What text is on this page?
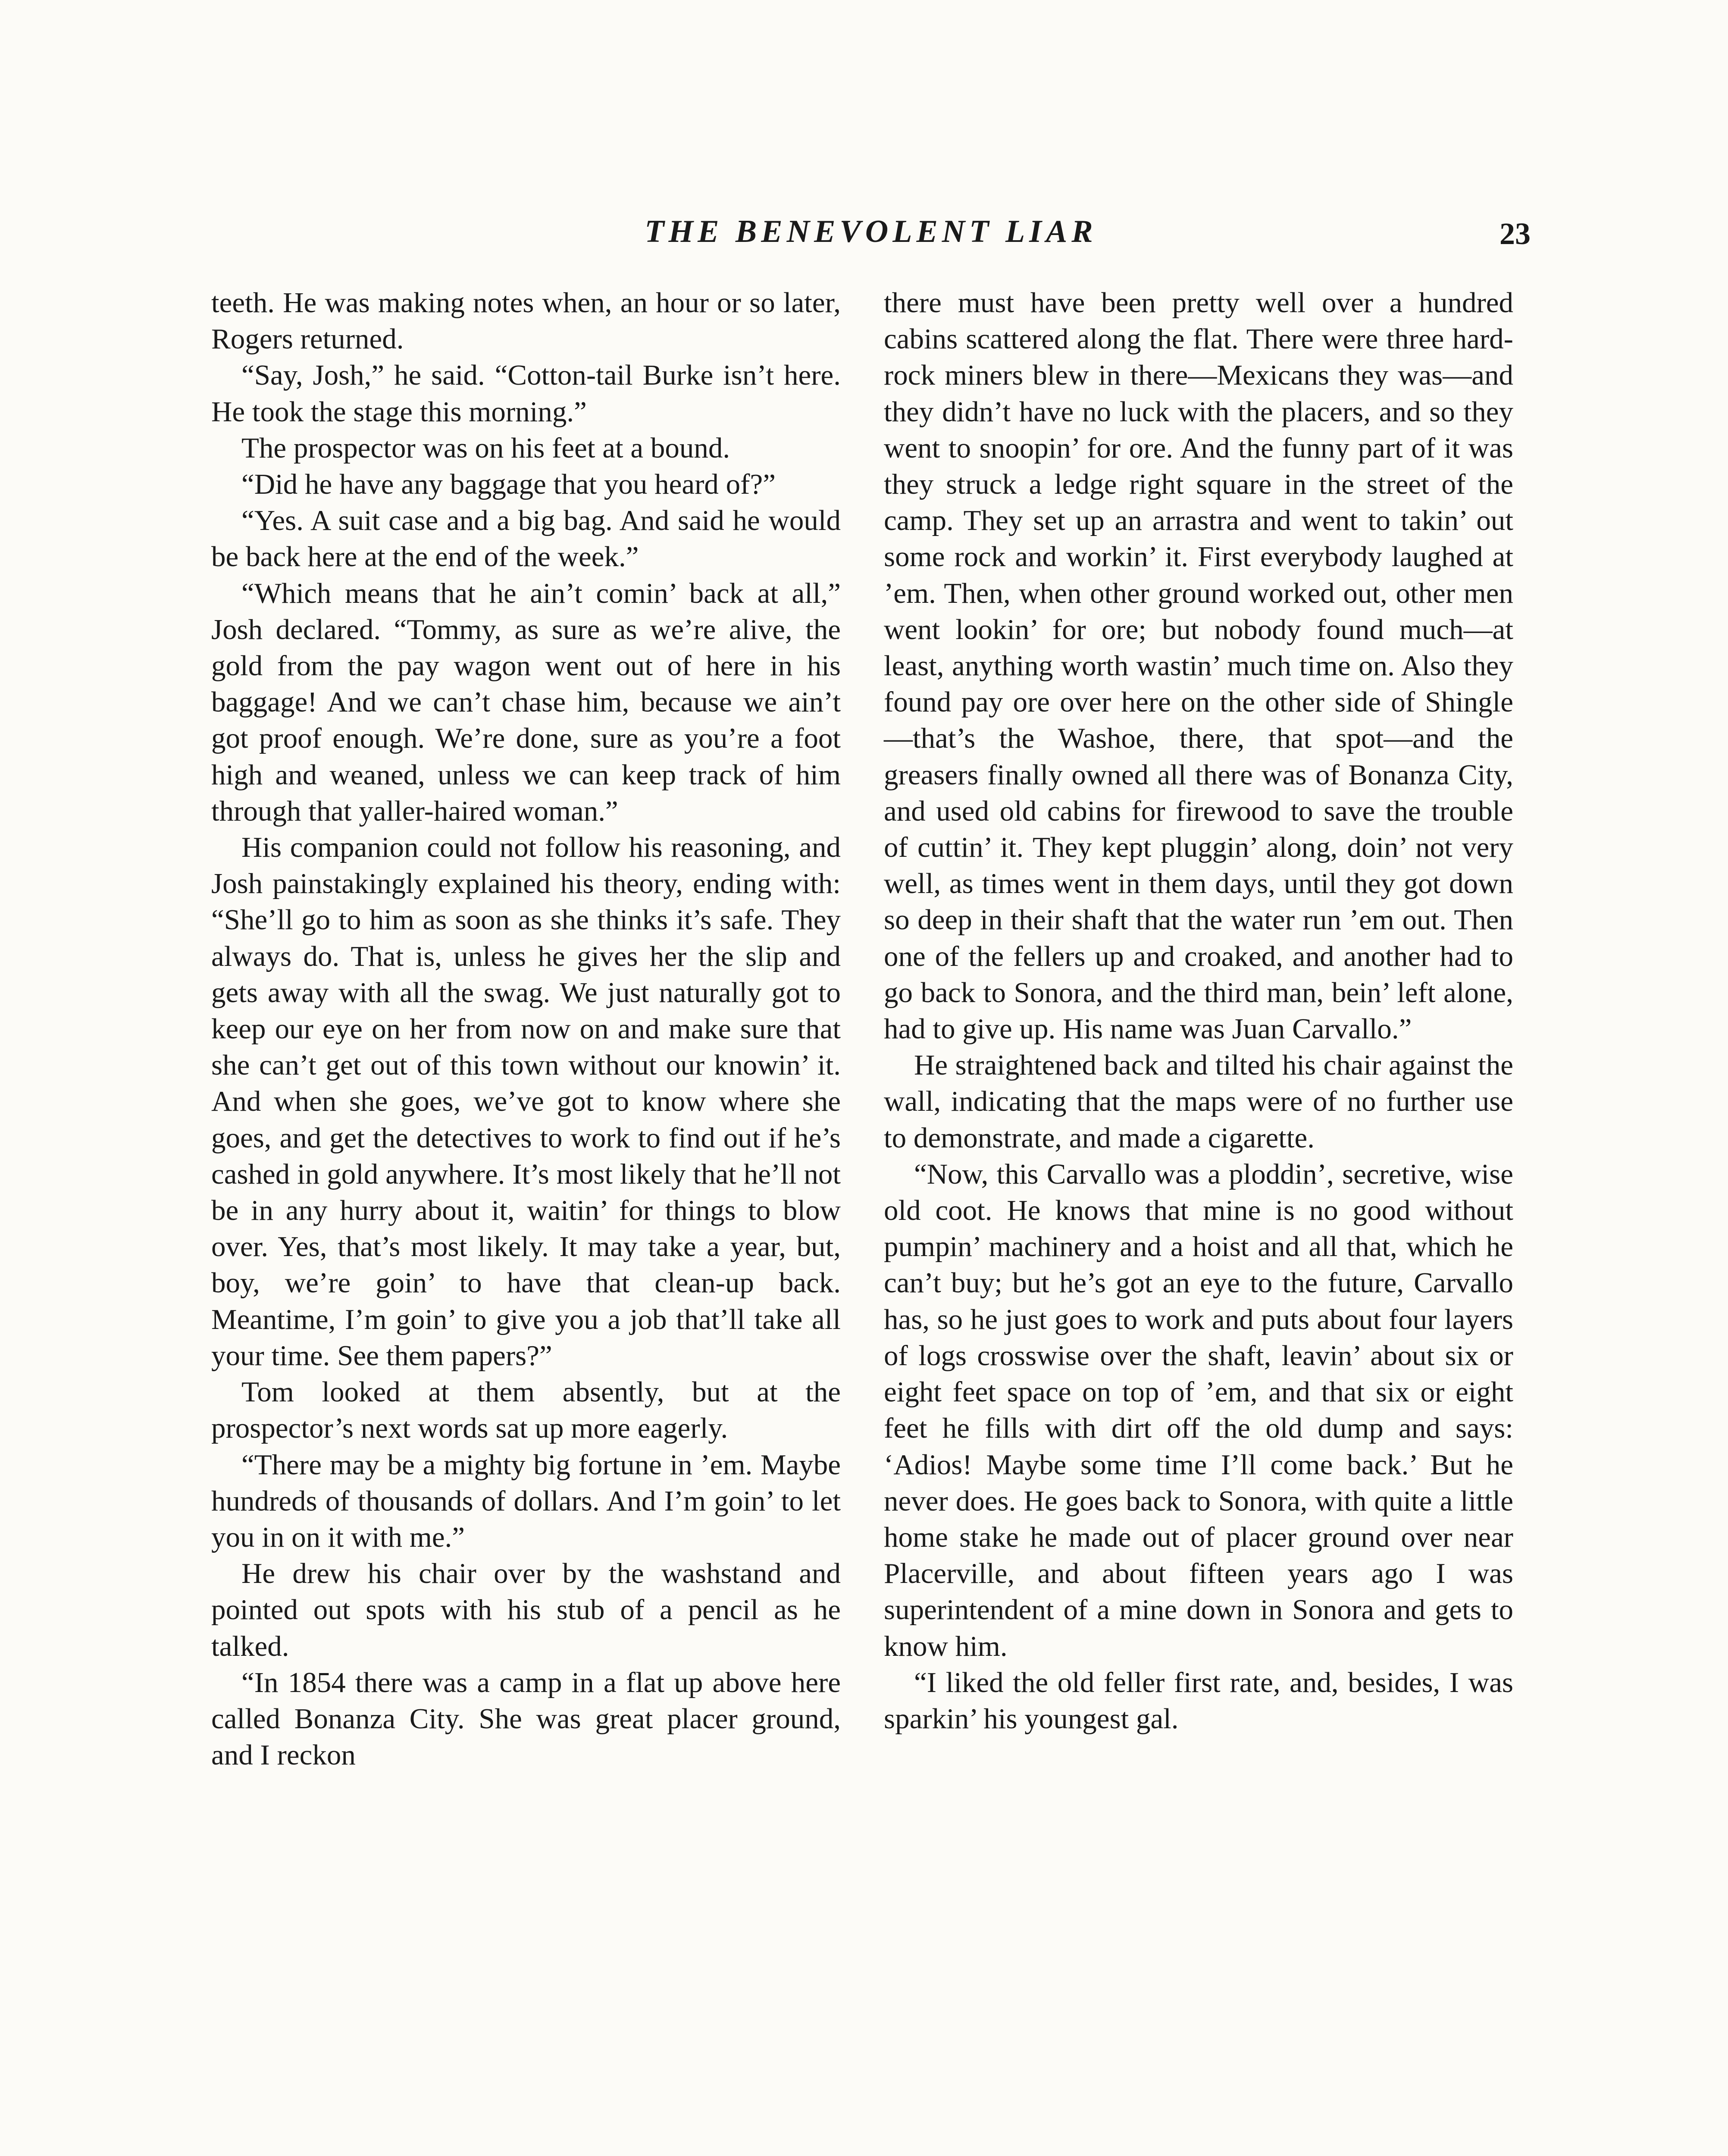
THE BENEVOLENT LIAR	23

teeth. He was making notes when, an hour or so later, Rogers returned.

“Say, Josh,” he said. “Cotton-tail Burke isn’t here. He took the stage this morning.”

The prospector was on his feet at a bound.

“Did he have any baggage that you heard of?”

“Yes. A suit case and a big bag. And said he would be back here at the end of the week.”

“Which means that he ain’t comin’ back at all,” Josh declared. “Tommy, as sure as we’re alive, the gold from the pay wagon went out of here in his baggage! And we can’t chase him, because we ain’t got proof enough. We’re done, sure as you’re a foot high and weaned, unless we can keep track of him through that yaller-haired woman.”

His companion could not follow his reasoning, and Josh painstakingly explained his theory, ending with: “She’ll go to him as soon as she thinks it’s safe. They always do. That is, unless he gives her the slip and gets away with all the swag. We just naturally got to keep our eye on her from now on and make sure that she can’t get out of this town without our knowin’ it. And when she goes, we’ve got to know where she goes, and get the detectives to work to find out if he’s cashed in gold anywhere. It’s most likely that he’ll not be in any hurry about it, waitin’ for things to blow over. Yes, that’s most likely. It may take a year, but, boy, we’re goin’ to have that clean-up back. Meantime, I’m goin’ to give you a job that’ll take all your time. See them papers?”

Tom looked at them absently, but at the prospector’s next words sat up more eagerly.

“There may be a mighty big fortune in ’em. Maybe hundreds of thousands of dollars. And I’m goin’ to let you in on it with me.”

He drew his chair over by the washstand and pointed out spots with his stub of a pencil as he talked.

“In 1854 there was a camp in a flat up above here called Bonanza City. She was great placer ground, and I reckon

there must have been pretty well over a hundred cabins scattered along the flat. There were three hard-rock miners blew in there—Mexicans they was—and they didn’t have no luck with the placers, and so they went to snoopin’ for ore. And the funny part of it was they struck a ledge right square in the street of the camp. They set up an arrastra and went to takin’ out some rock and workin’ it. First everybody laughed at ’em. Then, when other ground worked out, other men went lookin’ for ore; but nobody found much—at least, anything worth wastin’ much time on. Also they found pay ore over here on the other side of Shingle—that’s the Washoe, there, that spot—and the greasers finally owned all there was of Bonanza City, and used old cabins for firewood to save the trouble of cuttin’ it. They kept pluggin’ along, doin’ not very well, as times went in them days, until they got down so deep in their shaft that the water run ’em out. Then one of the fellers up and croaked, and another had to go back to Sonora, and the third man, bein’ left alone, had to give up. His name was Juan Carvallo.”

He straightened back and tilted his chair against the wall, indicating that the maps were of no further use to demonstrate, and made a cigarette.

“Now, this Carvallo was a ploddin’, secretive, wise old coot. He knows that mine is no good without pumpin’ machinery and a hoist and all that, which he can’t buy; but he’s got an eye to the future, Carvallo has, so he just goes to work and puts about four layers of logs crosswise over the shaft, leavin’ about six or eight feet space on top of ’em, and that six or eight feet he fills with dirt off the old dump and says: ‘Adios! Maybe some time I’ll come back.’ But he never does. He goes back to Sonora, with quite a little home stake he made out of placer ground over near Placerville, and about fifteen years ago I was superintendent of a mine down in Sonora and gets to know him.

“I liked the old feller first rate, and, besides, I was sparkin’ his youngest gal.
